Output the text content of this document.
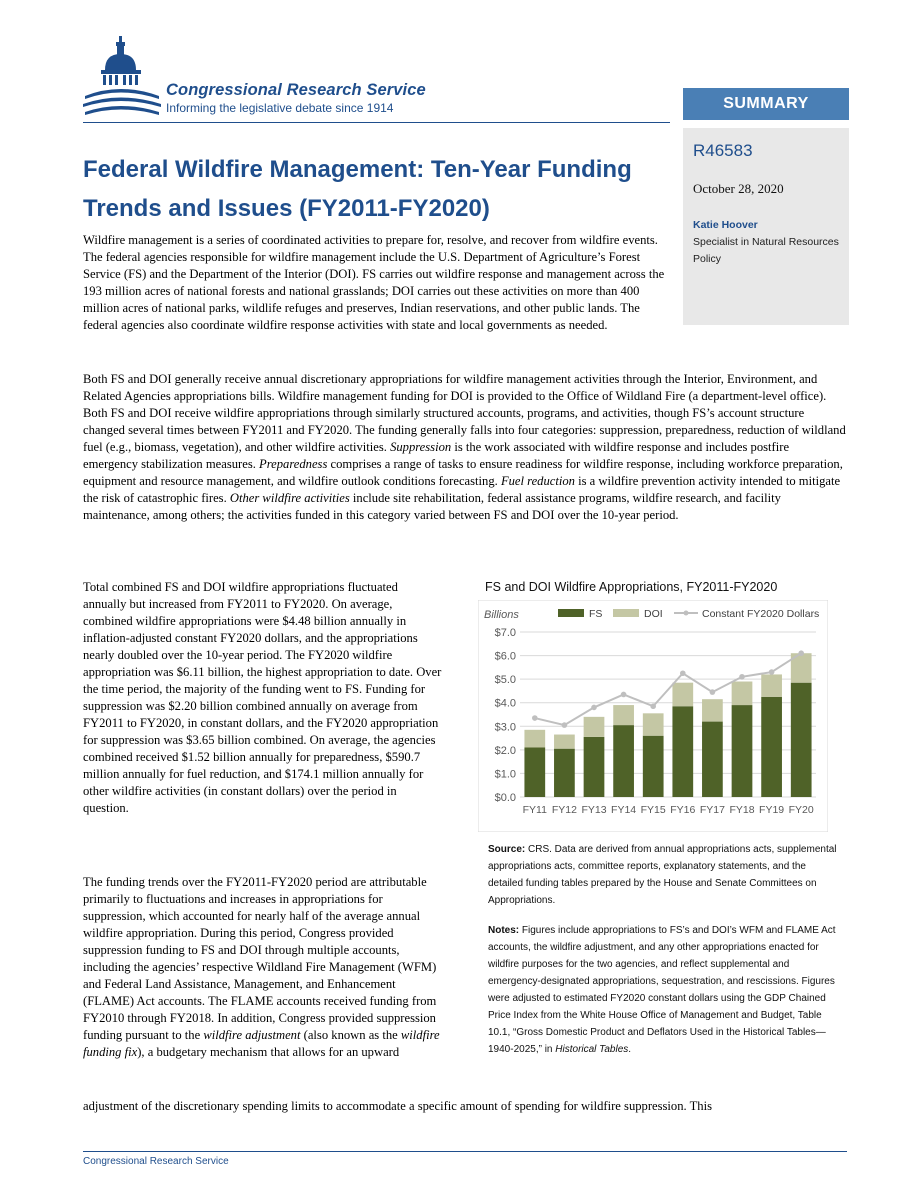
Congressional Research Service
Informing the legislative debate since 1914	SUMMARY
R46583
October 28, 2020
Katie Hoover
Specialist in Natural Resources Policy
Federal Wildfire Management: Ten-Year Funding Trends and Issues (FY2011-FY2020)
Wildfire management is a series of coordinated activities to prepare for, resolve, and recover from wildfire events. The federal agencies responsible for wildfire management include the U.S. Department of Agriculture’s Forest Service (FS) and the Department of the Interior (DOI). FS carries out wildfire response and management across the 193 million acres of national forests and national grasslands; DOI carries out these activities on more than 400 million acres of national parks, wildlife refuges and preserves, Indian reservations, and other public lands. The federal agencies also coordinate wildfire response activities with state and local governments as needed.
Both FS and DOI generally receive annual discretionary appropriations for wildfire management activities through the Interior, Environment, and Related Agencies appropriations bills. Wildfire management funding for DOI is provided to the Office of Wildland Fire (a department-level office). Both FS and DOI receive wildfire appropriations through similarly structured accounts, programs, and activities, though FS’s account structure changed several times between FY2011 and FY2020. The funding generally falls into four categories: suppression, preparedness, reduction of wildland fuel (e.g., biomass, vegetation), and other wildfire activities. Suppression is the work associated with wildfire response and includes postfire emergency stabilization measures. Preparedness comprises a range of tasks to ensure readiness for wildfire response, including workforce preparation, equipment and resource management, and wildfire outlook conditions forecasting. Fuel reduction is a wildfire prevention activity intended to mitigate the risk of catastrophic fires. Other wildfire activities include site rehabilitation, federal assistance programs, wildfire research, and facility maintenance, among others; the activities funded in this category varied between FS and DOI over the 10-year period.
Total combined FS and DOI wildfire appropriations fluctuated annually but increased from FY2011 to FY2020. On average, combined wildfire appropriations were $4.48 billion annually in inflation-adjusted constant FY2020 dollars, and the appropriations nearly doubled over the 10-year period. The FY2020 wildfire appropriation was $6.11 billion, the highest appropriation to date. Over the time period, the majority of the funding went to FS. Funding for suppression was $2.20 billion combined annually on average from FY2011 to FY2020, in constant dollars, and the FY2020 appropriation for suppression was $3.65 billion combined. On average, the agencies combined received $1.52 billion annually for preparedness, $590.7 million annually for fuel reduction, and $174.1 million annually for other wildfire activities (in constant dollars) over the period in question.
The funding trends over the FY2011-FY2020 period are attributable primarily to fluctuations and increases in appropriations for suppression, which accounted for nearly half of the average annual wildfire appropriation. During this period, Congress provided suppression funding to FS and DOI through multiple accounts, including the agencies’ respective Wildland Fire Management (WFM) and Federal Land Assistance, Management, and Enhancement (FLAME) Act accounts. The FLAME accounts received funding from FY2010 through FY2018. In addition, Congress provided suppression funding pursuant to the wildfire adjustment (also known as the wildfire funding fix), a budgetary mechanism that allows for an upward
adjustment of the discretionary spending limits to accommodate a specific amount of spending for wildfire suppression. This
FS and DOI Wildfire Appropriations, FY2011-FY2020
FS	DOI	Constant FY2020 Dollars
$0.0
$1.0
$2.0
$3.0
$4.0
$5.0
$6.0
$7.0
Billions
FY11 FY12 FY13 FY14 FY15 FY16 FY17 FY18 FY19 FY20
Source: CRS. Data are derived from annual appropriations acts, supplemental appropriations acts, committee reports, explanatory statements, and the detailed funding tables prepared by the House and Senate Committees on Appropriations.
Notes: Figures include appropriations to FS’s and DOI’s WFM and FLAME Act accounts, the wildfire adjustment, and any other appropriations enacted for wildfire purposes for the two agencies, and reflect supplemental and emergency-designated appropriations, sequestration, and rescissions. Figures were adjusted to estimated FY2020 constant dollars using the GDP Chained Price Index from the White House Office of Management and Budget, Table 10.1, “Gross Domestic Product and Deflators Used in the Historical Tables—1940-2025,” in Historical Tables.
Congressional Research Service
